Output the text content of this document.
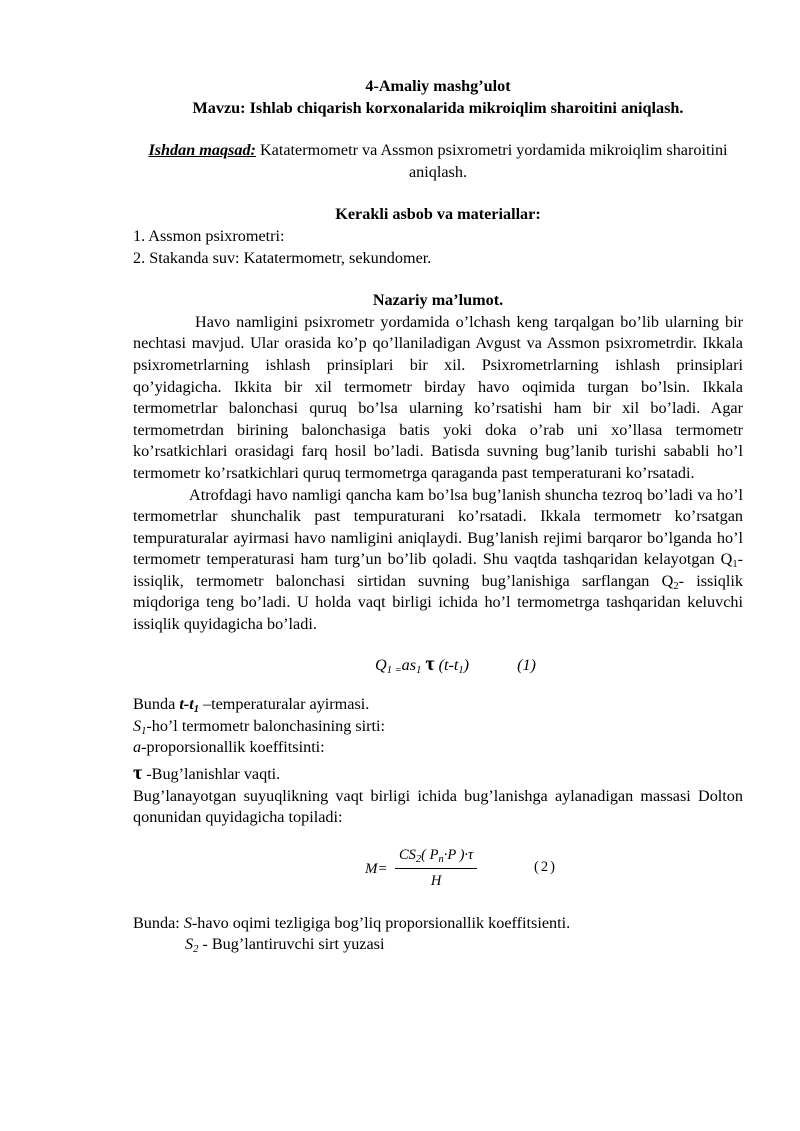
4-Amaliy mashg’ulot

Mavzu: Ishlab chiqarish korxonalarida mikroiqlim sharoitini aniqlash.

Ishdan maqsad: Katatermometr va Assmon psixrometri yordamida mikroiqlim sharoitini aniqlash.

Kerakli asbob va materiallar:

1. Assmon psixrometri:

2. Stakanda suv: Katatermometr, sekundomer.

Nazariy ma’lumot.

Havo namligini psixrometr yordamida o’lchash keng tarqalgan bo’lib ularning bir nechtasi mavjud. Ular orasida ko’p qo’llaniladigan Avgust va Assmon psixrometrdir. Ikkala psixrometrlarning ishlash prinsiplari bir xil. Psixrometrlarning ishlash prinsiplari qo’yidagicha. Ikkita bir xil termometr birday havo oqimida turgan bo’lsin. Ikkala termometrlar balonchasi quruq bo’lsa ularning ko’rsatishi ham bir xil bo’ladi. Agar termometrdan birining balonchasiga batis yoki doka o’rab uni xo’llasa termometr ko’rsatkichlari orasidagi farq hosil bo’ladi. Batisda suvning bug’lanib turishi sababli ho’l termometr ko’rsatkichlari quruq termometrga qaraganda past temperaturani ko’rsatadi.

Atrofdagi havo namligi qancha kam bo’lsa bug’lanish shuncha tezroq bo’ladi va ho’l termometrlar shunchalik past tempuraturani ko’rsatadi. Ikkala termometr ko’rsatgan tempuraturalar ayirmasi havo namligini aniqlaydi. Bug’lanish rejimi barqaror bo’lganda ho’l termometr temperaturasi ham turg’un bo’lib qoladi. Shu vaqtda tashqaridan kelayotgan $Q_1-$ issiqlik, termometr balonchasi sirtidan suvning bug’lanishiga sarflangan $Q_2-$ issiqlik miqdoriga teng bo’ladi. U holda vaqt birligi ichida ho’l termometrga tashqaridan keluvchi issiqlik quyidagicha bo’ladi.

$Q_1$ $_=as_1$ τ $(t-t_1)$	(1)

Bunda $t-t_1$ –temperaturalar ayirmasi.

$S_1-ho’l$ termometr balonchasining sirti:

a-proporsionallik koeffitsinti:

τ -Bug’lanishlar vaqti.

Bug’lanayotgan suyuqlikning vaqt birligi ichida bug’lanishga aylanadigan massasi Dolton qonunidan quyidagicha topiladi:

$M= \frac{CS_2( P_n\cdot P )\cdot\tau}{H}$	(2)

Bunda: S-havo oqimi tezligiga bog’liq proporsionallik koeffitsienti.

$S_2$ - Bug’lantiruvchi sirt yuzasi
